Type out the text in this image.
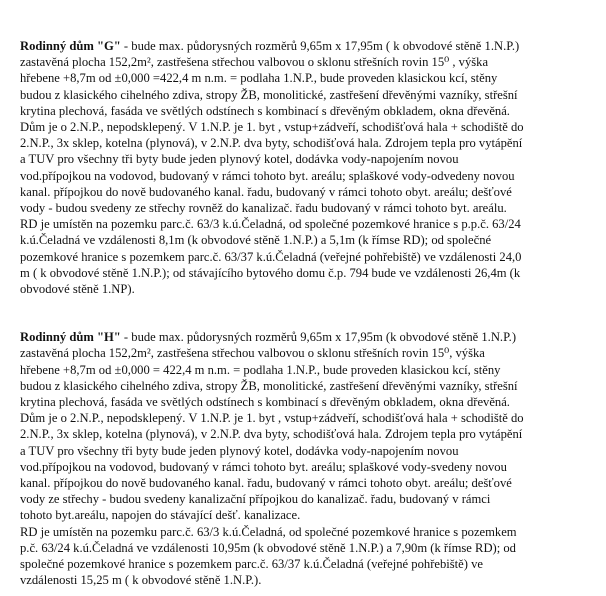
Rodinný dům "G" - bude max. půdorysných rozměrů 9,65m x 17,95m ( k obvodové stěně 1.N.P.)
zastavěná plocha 152,2m², zastřešena střechou valbovou o sklonu střešních rovin 15⁰ , výška
hřebene +8,7m od ±0,000 =422,4 m n.m. = podlaha 1.N.P., bude proveden klasickou kcí, stěny
budou z klasického cihelného zdiva, stropy ŽB, monolitické, zastřešení dřevěnými vazníky, střešní
krytina plechová, fasáda ve světlých odstínech s kombinací s dřevěným obkladem, okna dřevěná.
Dům je o 2.N.P., nepodsklepený. V 1.N.P. je 1. byt , vstup+zádveří, schodišťová hala + schodiště do
2.N.P., 3x sklep, kotelna (plynová), v 2.N.P. dva byty, schodišťová hala. Zdrojem tepla pro vytápění
a TUV pro všechny tři byty bude jeden plynový kotel, dodávka vody-napojením novou
vod.přípojkou na vodovod, budovaný v rámci tohoto byt. areálu; splaškové vody-odvedeny novou
kanal. přípojkou do nově budovaného kanal. řadu, budovaný v rámci tohoto obyt. areálu; dešťové
vody - budou svedeny ze střechy rovněž do kanalizač. řadu budovaný v rámci tohoto byt. areálu.
RD je umístěn na pozemku parc.č. 63/3 k.ú.Čeladná, od společné pozemkové hranice s p.p.č. 63/24
k.ú.Čeladná ve vzdálenosti 8,1m (k obvodové stěně 1.N.P.) a 5,1m (k římse RD); od společné
pozemkové hranice s pozemkem parc.č. 63/37 k.ú.Čeladná (veřejné pohřebiště) ve vzdálenosti 24,0
m ( k obvodové stěně 1.N.P.); od stávajícího bytového domu č.p. 794 bude ve vzdálenosti 26,4m (k
obvodové stěně 1.NP).
Rodinný dům "H" - bude max. půdorysných rozměrů 9,65m x 17,95m (k obvodové stěně 1.N.P.)
zastavěná plocha 152,2m², zastřešena střechou valbovou o sklonu střešních rovin 15⁰, výška
hřebene +8,7m od ±0,000 = 422,4 m n.m. = podlaha 1.N.P., bude proveden klasickou kcí, stěny
budou z klasického cihelného zdiva, stropy ŽB, monolitické, zastřešení dřevěnými vazníky, střešní
krytina plechová, fasáda ve světlých odstínech s kombinací s dřevěným obkladem, okna dřevěná.
Dům je o 2.N.P., nepodsklepený. V 1.N.P. je 1. byt , vstup+zádveří, schodišťová hala + schodiště do
2.N.P., 3x sklep, kotelna (plynová), v 2.N.P. dva byty, schodišťová hala. Zdrojem tepla pro vytápění
a TUV pro všechny tři byty bude jeden plynový kotel, dodávka vody-napojením novou
vod.přípojkou na vodovod, budovaný v rámci tohoto byt. areálu; splaškové vody-svedeny novou
kanal. přípojkou do nově budovaného kanal. řadu, budovaný v rámci tohoto obyt. areálu; dešťové
vody ze střechy - budou svedeny kanalizační přípojkou do kanalizač. řadu, budovaný v rámci
tohoto byt.areálu, napojen do stávající dešť. kanalizace.
RD je umístěn na pozemku parc.č. 63/3 k.ú.Čeladná, od společné pozemkové hranice s pozemkem
p.č. 63/24 k.ú.Čeladná ve vzdálenosti 10,95m (k obvodové stěně 1.N.P.) a 7,90m (k římse RD); od
společné pozemkové hranice s pozemkem parc.č. 63/37 k.ú.Čeladná (veřejné pohřebiště) ve
vzdálenosti 15,25 m ( k obvodové stěně 1.N.P.).
